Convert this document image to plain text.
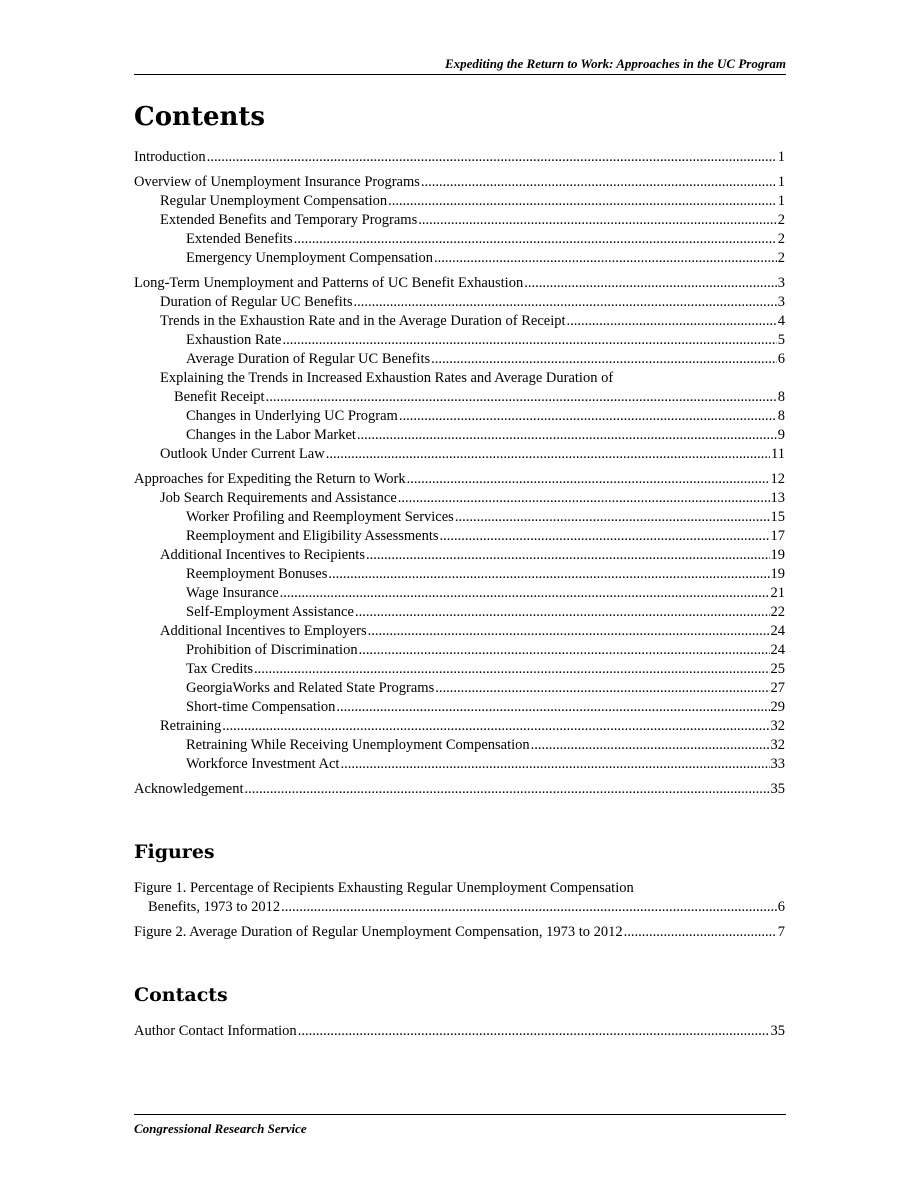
Expediting the Return to Work: Approaches in the UC Program
Contents
Introduction .....	1
Overview of Unemployment Insurance Programs .....	1
Regular Unemployment Compensation .....	1
Extended Benefits and Temporary Programs .....	2
Extended Benefits .....	2
Emergency Unemployment Compensation .....	2
Long-Term Unemployment and Patterns of UC Benefit Exhaustion .....	3
Duration of Regular UC Benefits .....	3
Trends in the Exhaustion Rate and in the Average Duration of Receipt .....	4
Exhaustion Rate .....	5
Average Duration of Regular UC Benefits .....	6
Explaining the Trends in Increased Exhaustion Rates and Average Duration of
Benefit Receipt .....	8
Changes in Underlying UC Program .....	8
Changes in the Labor Market .....	9
Outlook Under Current Law .....	11
Approaches for Expediting the Return to Work .....	12
Job Search Requirements and Assistance .....	13
Worker Profiling and Reemployment Services .....	15
Reemployment and Eligibility Assessments .....	17
Additional Incentives to Recipients .....	19
Reemployment Bonuses .....	19
Wage Insurance .....	21
Self-Employment Assistance .....	22
Additional Incentives to Employers .....	24
Prohibition of Discrimination .....	24
Tax Credits .....	25
GeorgiaWorks and Related State Programs .....	27
Short-time Compensation .....	29
Retraining .....	32
Retraining While Receiving Unemployment Compensation .....	32
Workforce Investment Act .....	33
Acknowledgement .....	35
Figures
Figure 1. Percentage of Recipients Exhausting Regular Unemployment Compensation
Benefits, 1973 to 2012 .....	6
Figure 2. Average Duration of Regular Unemployment Compensation, 1973 to 2012 .....	7
Contacts
Author Contact Information .....	35
Congressional Research Service
